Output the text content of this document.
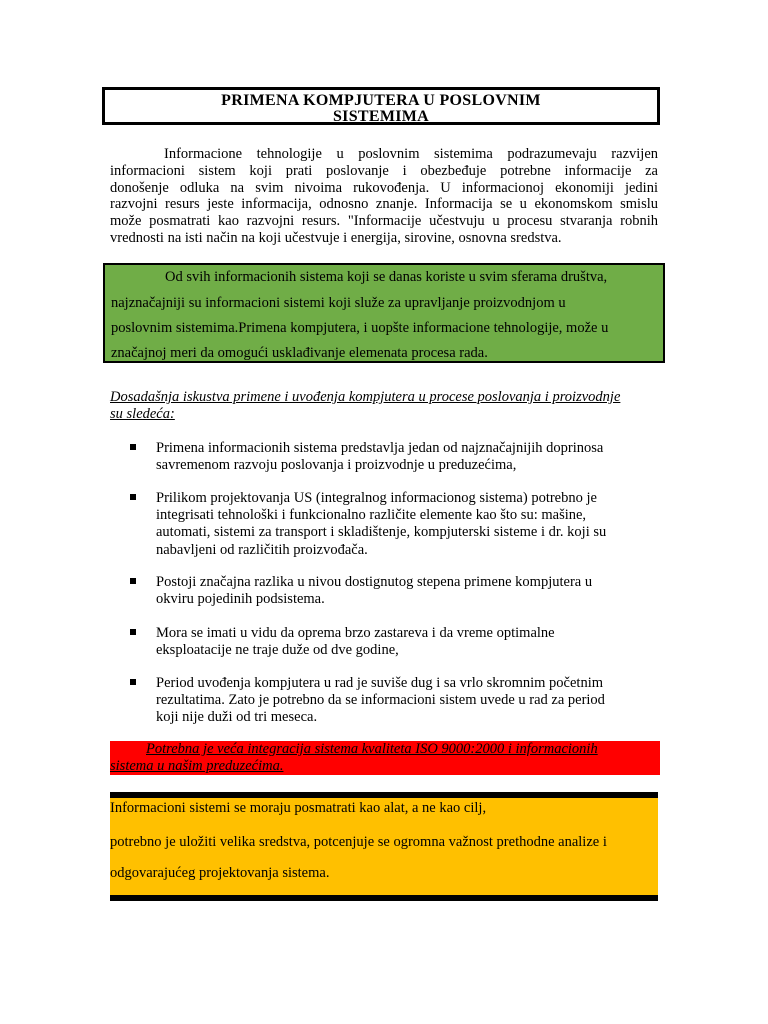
PRIMENA KOMPJUTERA U POSLOVNIM
SISTEMIMA
Informacione tehnologije u poslovnim sistemima podrazumevaju razvijen
informacioni sistem koji prati poslovanje i obezbeđuje potrebne informacije za
donošenje odluka na svim nivoima rukovođenja. U informacionoj ekonomiji jedini
razvojni resurs jeste informacija, odnosno znanje. Informacija se u ekonomskom smislu
može posmatrati kao razvojni resurs. "Informacije učestvuju u procesu stvaranja robnih
vrednosti na isti način na koji učestvuje i energija, sirovine, osnovna sredstva.
Od svih informacionih sistema koji se danas koriste u svim sferama društva,
najznačajniji su informacioni sistemi koji služe za upravljanje proizvodnjom u
poslovnim sistemima.Primena kompjutera, i uopšte informacione tehnologije, može u
značajnoj meri da omogući usklađivanje elemenata procesa rada.
Dosadašnja iskustva primene i uvođenja kompjutera u procese poslovanja i proizvodnje
su sledeća:
Primena informacionih sistema predstavlja jedan od najznačajnijih doprinosa
savremenom razvoju poslovanja i proizvodnje u preduzećima,
Prilikom projektovanja US (integralnog informacionog sistema) potrebno je
integrisati tehnološki i funkcionalno različite elemente kao što su: mašine,
automati, sistemi za transport i skladištenje, kompjuterski sisteme i dr. koji su
nabavljeni od različitih proizvođača.
Postoji značajna razlika u nivou dostignutog stepena primene kompjutera u
okviru pojedinih podsistema.
Mora se imati u vidu da oprema brzo zastareva i da vreme optimalne
eksploatacije ne traje duže od dve godine,
Period uvođenja kompjutera u rad je suviše dug i sa vrlo skromnim početnim
rezultatima. Zato je potrebno da se informacioni sistem uvede u rad za period
koji nije duži od tri meseca.
Potrebna je veća integracija sistema kvaliteta ISO 9000:2000 i informacionih
sistema u našim preduzećima.
Informacioni sistemi se moraju posmatrati kao alat, a ne kao cilj,
potrebno je uložiti velika sredstva, potcenjuje se ogromna važnost prethodne analize i
odgovarajućeg projektovanja sistema.
